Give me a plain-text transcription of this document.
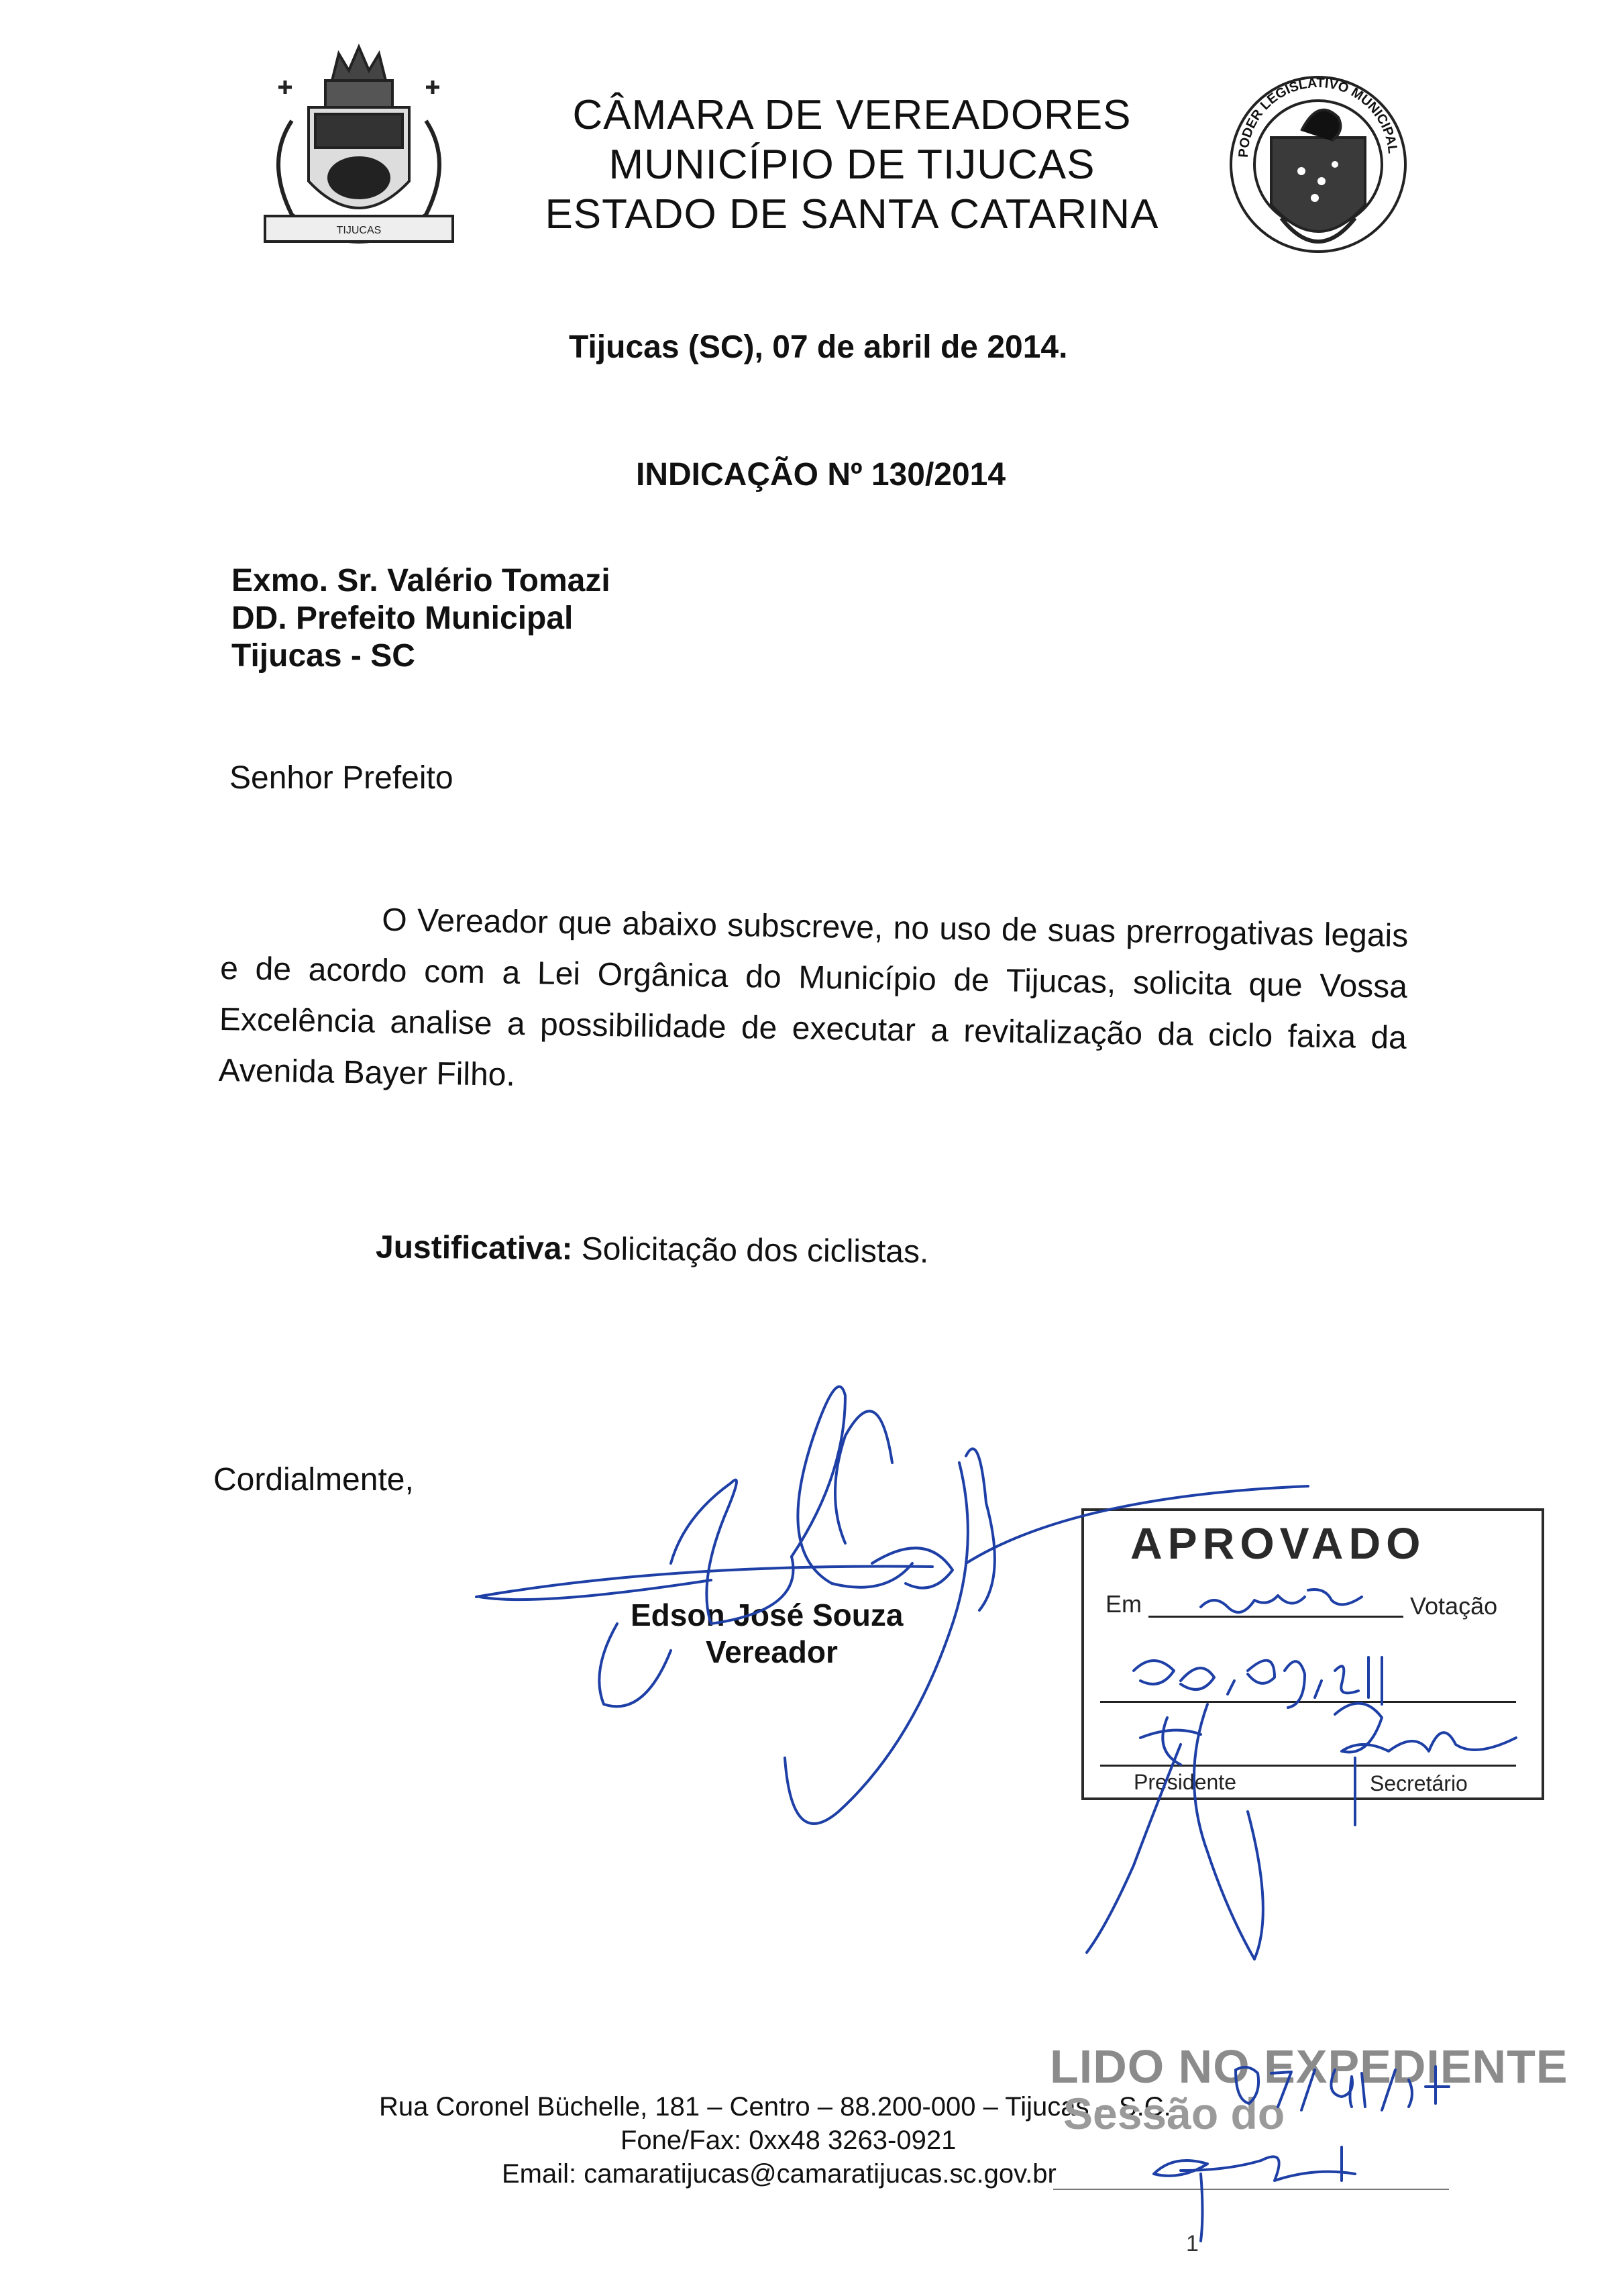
TIJUCAS
CÂMARA DE VEREADORES
MUNICÍPIO DE TIJUCAS
ESTADO DE SANTA CATARINA
PODER LEGISLATIVO MUNICIPAL
Tijucas (SC), 07 de abril de 2014.
INDICAÇÃO Nº 130/2014
Exmo. Sr. Valério Tomazi
DD. Prefeito Municipal
Tijucas - SC
Senhor Prefeito

O Vereador que abaixo subscreve, no uso de suas prerrogativas legais e de acordo com a Lei Orgânica do Município de Tijucas, solicita que Vossa Excelência analise a possibilidade de executar a revitalização da ciclo faixa da Avenida Bayer Filho.

Justificativa: Solicitação dos ciclistas.
Cordialmente,
Edson José Souza
Vereador
APROVADO
Em	Votação
Presidente	Secretário
Rua Coronel Büchelle, 181 – Centro – 88.200-000 – Tijucas – S.C.
Fone/Fax: 0xx48 3263-0921
Email: camaratijucas@camaratijucas.sc.gov.br
LIDO NO EXPEDIENTE
Sessão do
1
